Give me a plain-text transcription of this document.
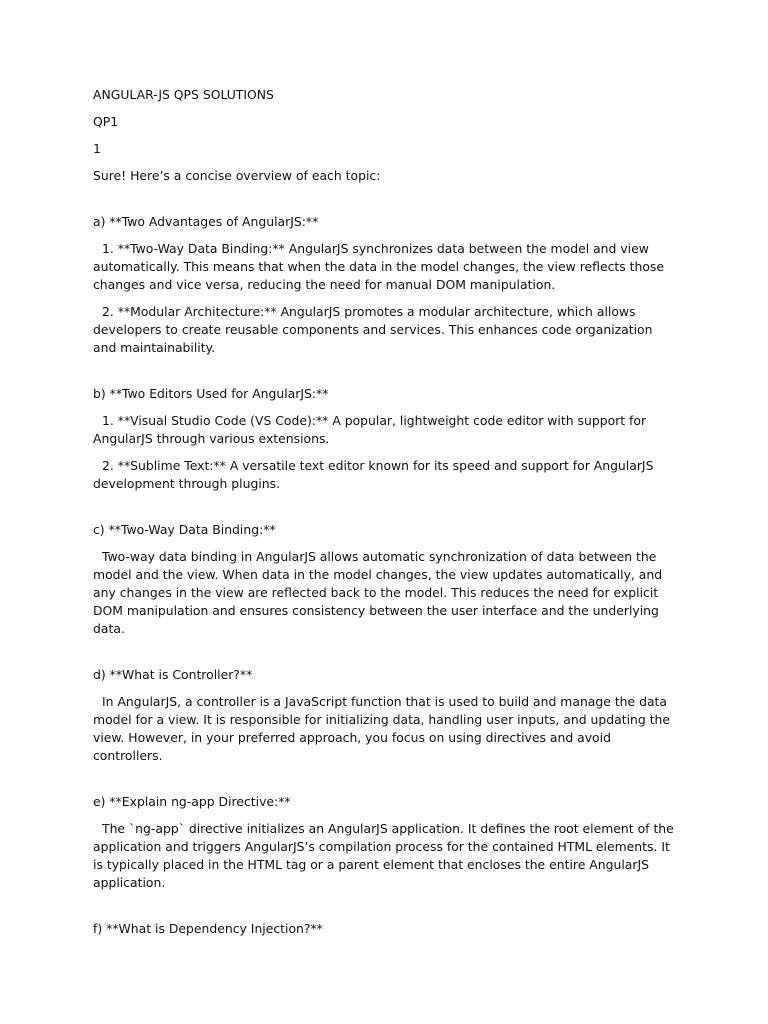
ANGULAR-JS QPS SOLUTIONS

QP1

1

Sure! Here’s a concise overview of each topic:

a) **Two Advantages of AngularJS:**

1. **Two-Way Data Binding:** AngularJS synchronizes data between the model and view automatically. This means that when the data in the model changes, the view reflects those changes and vice versa, reducing the need for manual DOM manipulation.

2. **Modular Architecture:** AngularJS promotes a modular architecture, which allows developers to create reusable components and services. This enhances code organization and maintainability.

b) **Two Editors Used for AngularJS:**

1. **Visual Studio Code (VS Code):** A popular, lightweight code editor with support for AngularJS through various extensions.

2. **Sublime Text:** A versatile text editor known for its speed and support for AngularJS development through plugins.

c) **Two-Way Data Binding:**

Two-way data binding in AngularJS allows automatic synchronization of data between the model and the view. When data in the model changes, the view updates automatically, and any changes in the view are reflected back to the model. This reduces the need for explicit DOM manipulation and ensures consistency between the user interface and the underlying data.

d) **What is Controller?**

In AngularJS, a controller is a JavaScript function that is used to build and manage the data model for a view. It is responsible for initializing data, handling user inputs, and updating the view. However, in your preferred approach, you focus on using directives and avoid controllers.

e) **Explain ng-app Directive:**

The `ng-app` directive initializes an AngularJS application. It defines the root element of the application and triggers AngularJS’s compilation process for the contained HTML elements. It is typically placed in the HTML tag or a parent element that encloses the entire AngularJS application.

f) **What is Dependency Injection?**
